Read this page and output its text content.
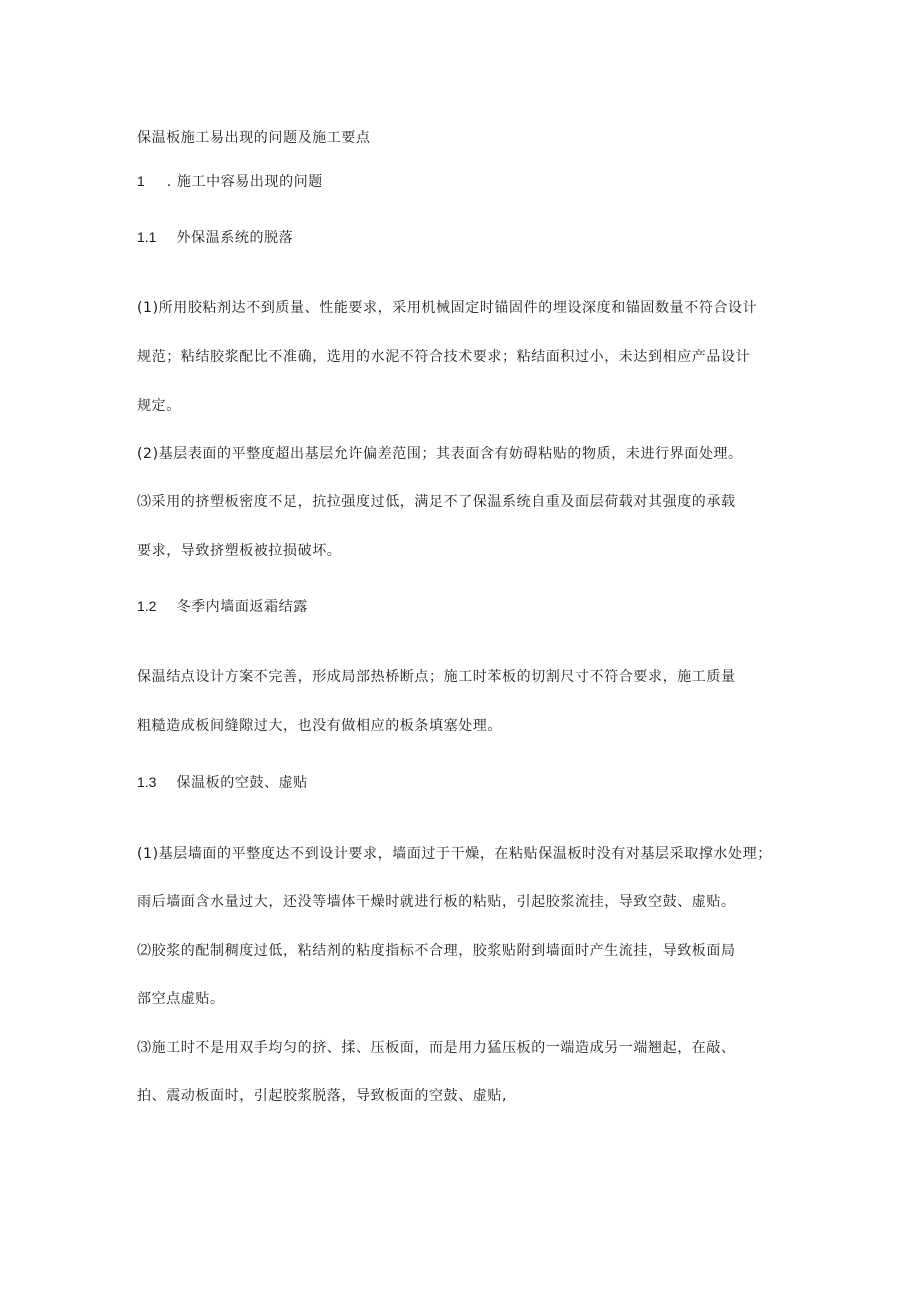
保温板施工易出现的问题及施工要点
1 . 施工中容易出现的问题
1.1 外保温系统的脱落
(1)所用胶粘剂达不到质量、性能要求，采用机械固定时锚固件的埋设深度和锚固数量不符合设计
规范；粘结胶浆配比不准确，选用的水泥不符合技术要求；粘结面积过小，未达到相应产品设计
规定。
(2)基层表面的平整度超出基层允许偏差范围；其表面含有妨碍粘贴的物质，未进行界面处理。
⑶采用的挤塑板密度不足，抗拉强度过低，满足不了保温系统自重及面层荷载对其强度的承载
要求，导致挤塑板被拉损破坏。
1.2 冬季内墙面返霜结露
保温结点设计方案不完善，形成局部热桥断点；施工时苯板的切割尺寸不符合要求，施工质量
粗糙造成板间缝隙过大，也没有做相应的板条填塞处理。
1.3 保温板的空鼓、虚贴
(1)基层墙面的平整度达不到设计要求，墙面过于干燥，在粘贴保温板时没有对基层采取撑水处理；
雨后墙面含水量过大，还没等墙体干燥时就进行板的粘贴，引起胶浆流挂，导致空鼓、虚贴。
⑵胶浆的配制稠度过低，粘结剂的粘度指标不合理，胶浆贴附到墙面时产生流挂，导致板面局
部空点虚贴。
⑶施工时不是用双手均匀的挤、揉、压板面，而是用力猛压板的一端造成另一端翘起，在敲、
拍、震动板面时，引起胶浆脱落，导致板面的空鼓、虚贴,
